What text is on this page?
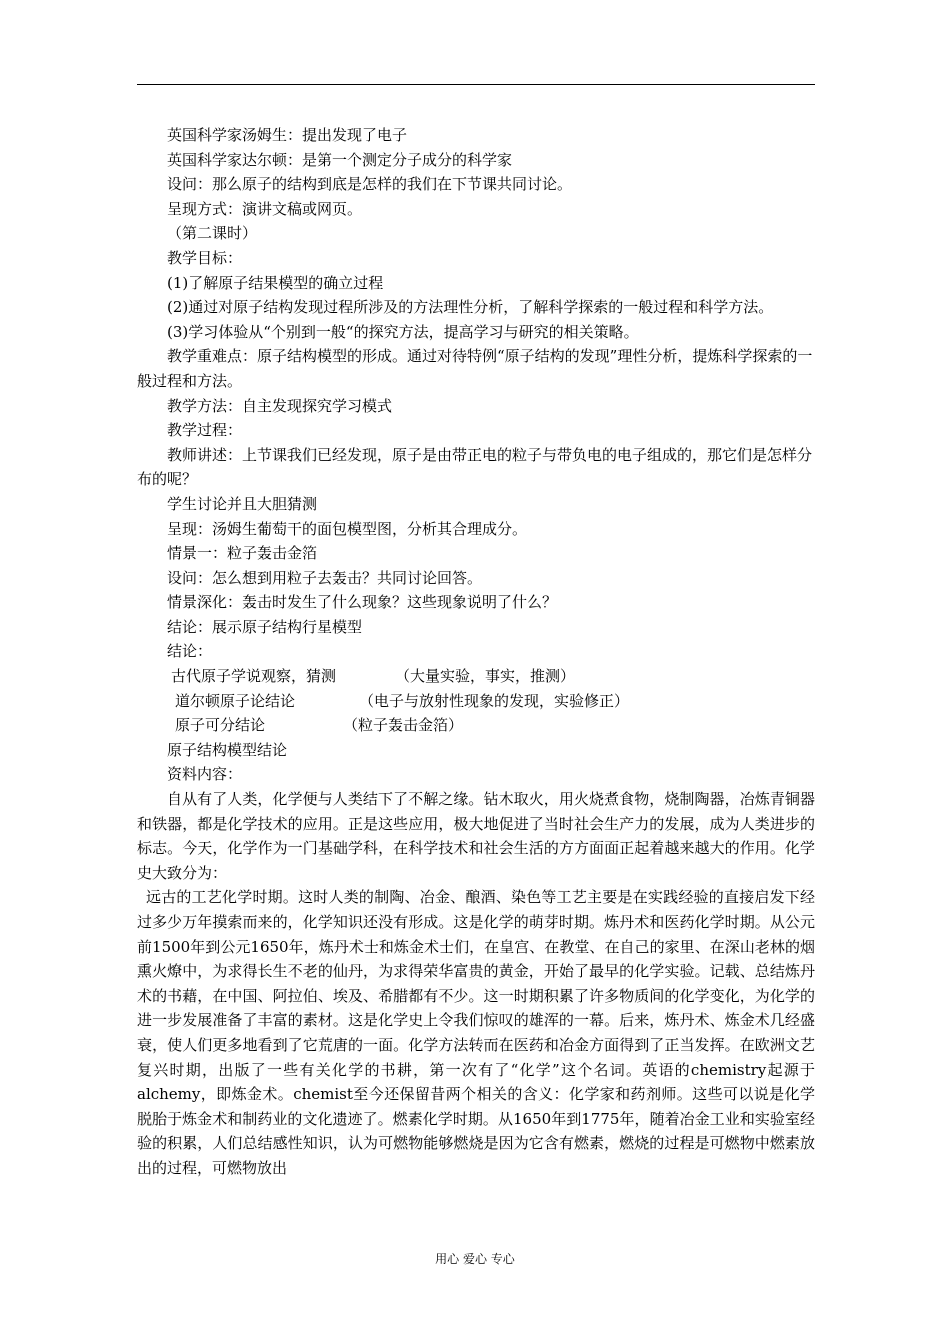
英国科学家汤姆生：提出发现了电子

英国科学家达尔顿：是第一个测定分子成分的科学家

设问：那么原子的结构到底是怎样的我们在下节课共同讨论。

呈现方式：演讲文稿或网页。

（第二课时）

教学目标：

(1)了解原子结果模型的确立过程

(2)通过对原子结构发现过程所涉及的方法理性分析，了解科学探索的一般过程和科学方法。

(3)学习体验从“个别到一般“的探究方法，提高学习与研究的相关策略。

教学重难点：原子结构模型的形成。通过对待特例“原子结构的发现”理性分析，提炼科学探索的一般过程和方法。

教学方法：自主发现探究学习模式

教学过程：

教师讲述：上节课我们已经发现，原子是由带正电的粒子与带负电的电子组成的，那它们是怎样分布的呢？

学生讨论并且大胆猜测

呈现：汤姆生葡萄干的面包模型图，分析其合理成分。

情景一：粒子轰击金箔

设问：怎么想到用粒子去轰击？共同讨论回答。

情景深化：轰击时发生了什么现象？这些现象说明了什么？

结论：展示原子结构行星模型

结论：

古代原子学说观察，猜测	（大量实验，事实，推测）

道尔顿原子论结论	（电子与放射性现象的发现，实验修正）

原子可分结论	（粒子轰击金箔）

原子结构模型结论

资料内容：

自从有了人类，化学便与人类结下了不解之缘。钻木取火，用火烧煮食物，烧制陶器，冶炼青铜器和铁器，都是化学技术的应用。正是这些应用，极大地促进了当时社会生产力的发展，成为人类进步的标志。今天，化学作为一门基础学科，在科学技术和社会生活的方方面面正起着越来越大的作用。化学史大致分为：

远古的工艺化学时期。这时人类的制陶、冶金、酿酒、染色等工艺主要是在实践经验的直接启发下经过多少万年摸索而来的，化学知识还没有形成。这是化学的萌芽时期。炼丹术和医药化学时期。从公元前1500年到公元1650年，炼丹术士和炼金术士们，在皇宫、在教堂、在自己的家里、在深山老林的烟熏火燎中，为求得长生不老的仙丹，为求得荣华富贵的黄金，开始了最早的化学实验。记载、总结炼丹术的书藉，在中国、阿拉伯、埃及、希腊都有不少。这一时期积累了许多物质间的化学变化，为化学的进一步发展准备了丰富的素材。这是化学史上令我们惊叹的雄浑的一幕。后来，炼丹术、炼金术几经盛衰，使人们更多地看到了它荒唐的一面。化学方法转而在医药和冶金方面得到了正当发挥。在欧洲文艺复兴时期，出版了一些有关化学的书耕，第一次有了“化学”这个名词。英语的chemistry起源于alchemy，即炼金术。chemist至今还保留昔两个相关的含义：化学家和药剂师。这些可以说是化学脱胎于炼金术和制药业的文化遗迹了。燃素化学时期。从1650年到1775年，随着冶金工业和实验室经验的积累，人们总结感性知识，认为可燃物能够燃烧是因为它含有燃素，燃烧的过程是可燃物中燃素放出的过程，可燃物放出

用心 爱心 专心
